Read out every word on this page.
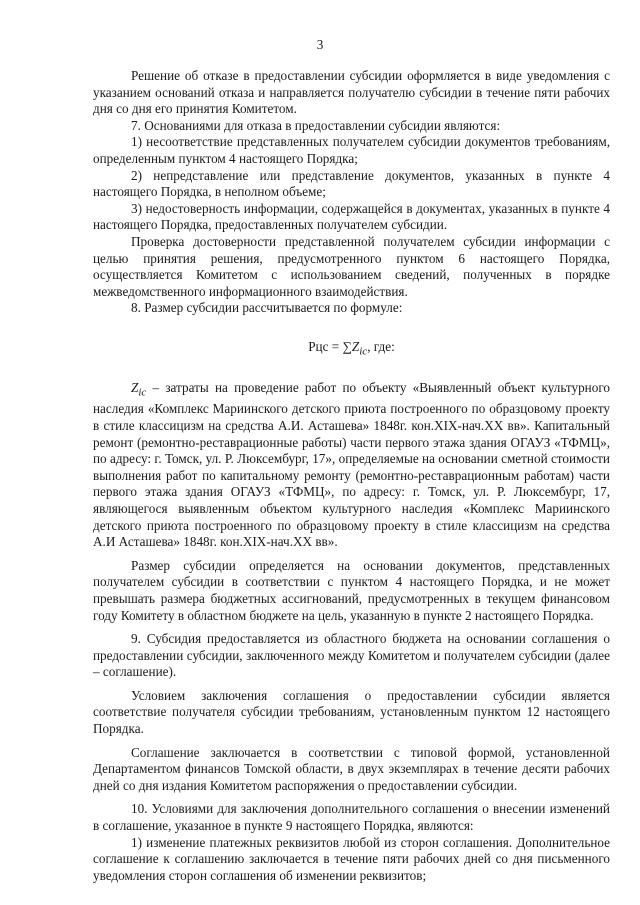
3

Решение об отказе в предоставлении субсидии оформляется в виде уведомления с указанием оснований отказа и направляется получателю субсидии в течение пяти рабочих дня со дня его принятия Комитетом.

7. Основаниями для отказа в предоставлении субсидии являются:

1) несоответствие представленных получателем субсидии документов требованиям, определенным пунктом 4 настоящего Порядка;

2) непредставление или представление документов, указанных в пункте 4 настоящего Порядка, в неполном объеме;

3) недостоверность информации, содержащейся в документах, указанных в пункте 4 настоящего Порядка, предоставленных получателем субсидии.

Проверка достоверности представленной получателем субсидии информации с целью принятия решения, предусмотренного пунктом 6 настоящего Порядка, осуществляется Комитетом с использованием сведений, полученных в порядке межведомственного информационного взаимодействия.

8. Размер субсидии рассчитывается по формуле:

Рцс = $\sum Z_{ic}$, где:

$Z_{ic}$ – затраты на проведение работ по объекту «Выявленный объект культурного наследия «Комплекс Мариинского детского приюта построенного по образцовому проекту в стиле классицизм на средства А.И. Асташева» 1848г. кон.XIX-нач.XX вв». Капитальный ремонт (ремонтно-реставрационные работы) части первого этажа здания ОГАУЗ «ТФМЦ», по адресу: г. Томск, ул. Р. Люксембург, 17», определяемые на основании сметной стоимости выполнения работ по капитальному ремонту (ремонтно-реставрационным работам) части первого этажа здания ОГАУЗ «ТФМЦ», по адресу: г. Томск, ул. Р. Люксембург, 17, являющегося выявленным объектом культурного наследия «Комплекс Мариинского детского приюта построенного по образцовому проекту в стиле классицизм на средства А.И Асташева» 1848г. кон.XIX-нач.XX вв».

Размер субсидии определяется на основании документов, представленных получателем субсидии в соответствии с пунктом 4 настоящего Порядка, и не может превышать размера бюджетных ассигнований, предусмотренных в текущем финансовом году Комитету в областном бюджете на цель, указанную в пункте 2 настоящего Порядка.

9. Субсидия предоставляется из областного бюджета на основании соглашения о предоставлении субсидии, заключенного между Комитетом и получателем субсидии (далее – соглашение).

Условием заключения соглашения о предоставлении субсидии является соответствие получателя субсидии требованиям, установленным пунктом 12 настоящего Порядка.

Соглашение заключается в соответствии с типовой формой, установленной Департаментом финансов Томской области, в двух экземплярах в течение десяти рабочих дней со дня издания Комитетом распоряжения о предоставлении субсидии.

10. Условиями для заключения дополнительного соглашения о внесении изменений в соглашение, указанное в пункте 9 настоящего Порядка, являются:

1) изменение платежных реквизитов любой из сторон соглашения. Дополнительное соглашение к соглашению заключается в течение пяти рабочих дней со дня письменного уведомления сторон соглашения об изменении реквизитов;
